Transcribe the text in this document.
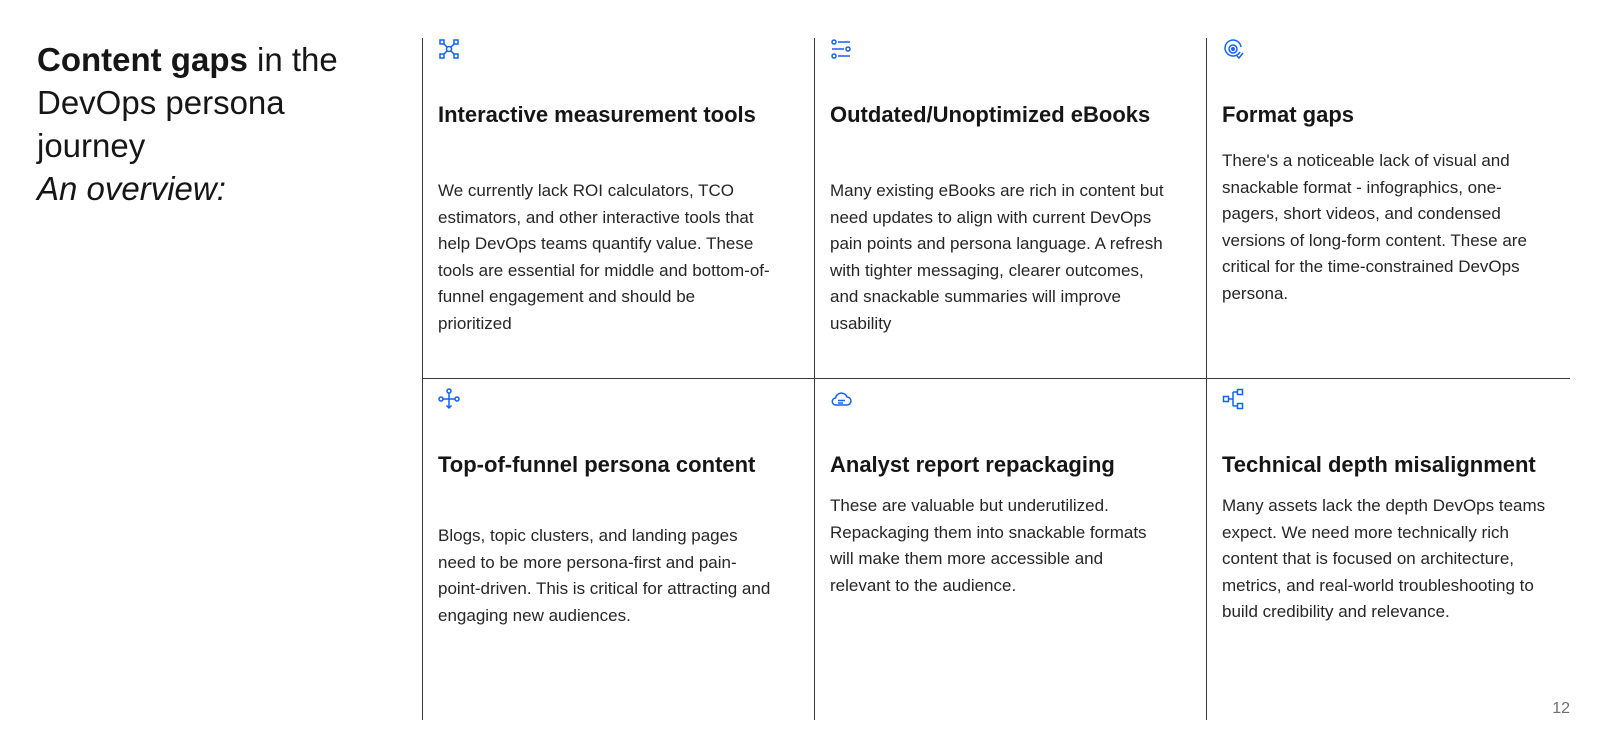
Content gaps in the DevOps persona journey
An overview:
Interactive measurement tools

We currently lack ROI calculators, TCO estimators, and other interactive tools that help DevOps teams quantify value. These tools are essential for middle and bottom-of-funnel engagement and should be prioritized

Outdated/Unoptimized eBooks

Many existing eBooks are rich in content but need updates to align with current DevOps pain points and persona language. A refresh with tighter messaging, clearer outcomes, and snackable summaries will improve usability

Format gaps

There's a noticeable lack of visual and snackable format - infographics, one-pagers, short videos, and condensed versions of long-form content. These are critical for the time-constrained DevOps persona.

Top-of-funnel persona content

Blogs, topic clusters, and landing pages need to be more persona-first and pain-point-driven. This is critical for attracting and engaging new audiences.

Analyst report repackaging

These are valuable but underutilized. Repackaging them into snackable formats will make them more accessible and relevant to the audience.

Technical depth misalignment

Many assets lack the depth DevOps teams expect. We need more technically rich content that is focused on architecture, metrics, and real-world troubleshooting to build credibility and relevance.

12
